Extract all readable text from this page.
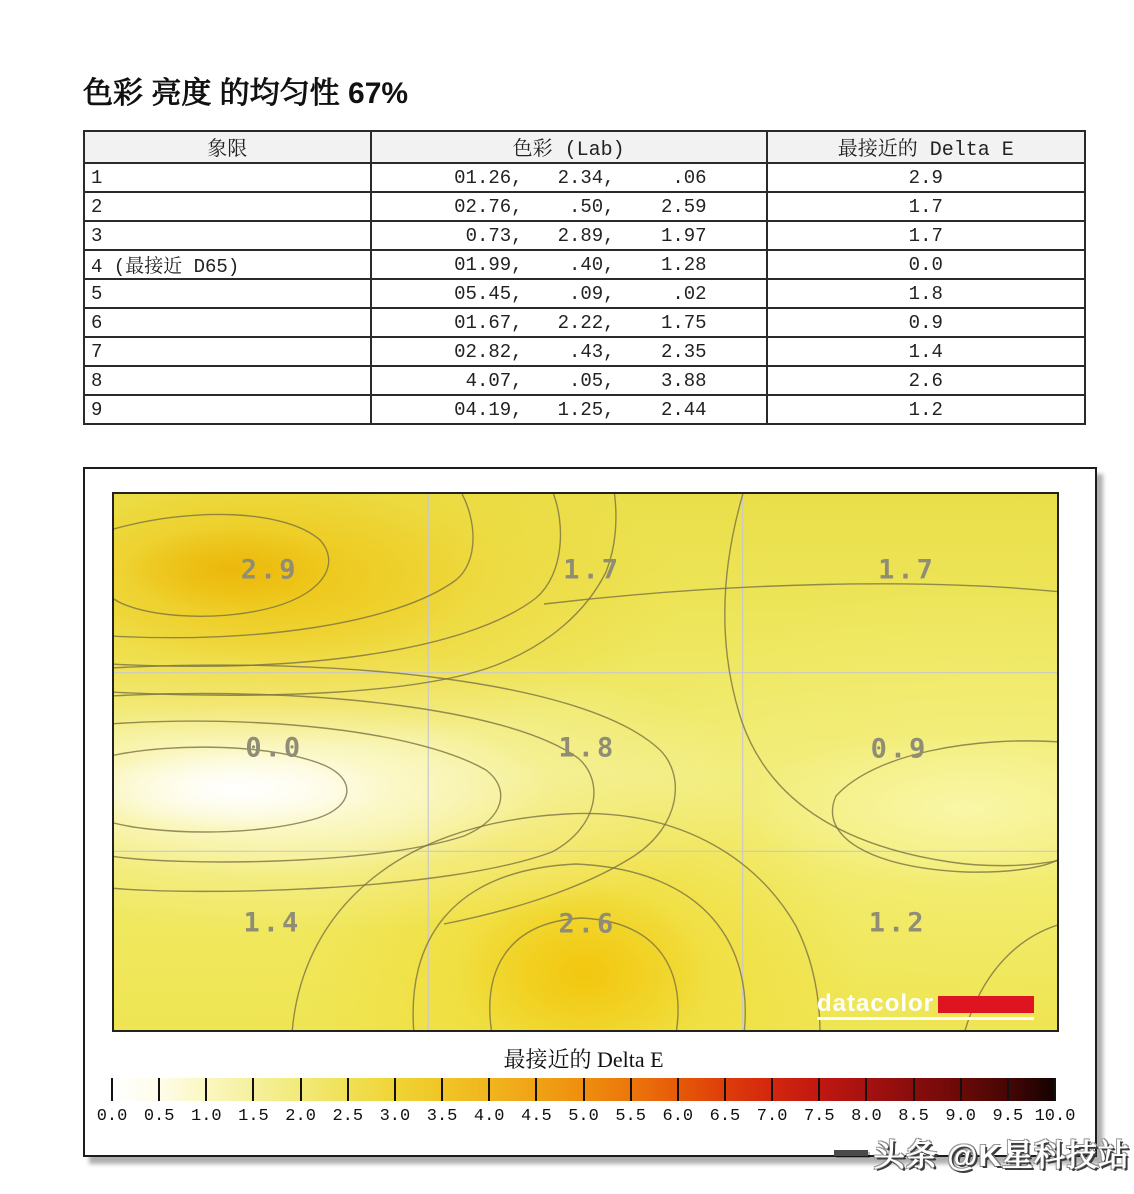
色彩 亮度 的均匀性 67%
象限	色彩 (Lab)	最接近的 Delta E
1	01.26, 2.34, .06	2.9
2	02.76, .50, 2.59	1.7
3	0.73, 2.89, 1.97	1.7
4 (最接近 D65)	01.99, .40, 1.28	0.0
5	05.45, .09, .02	1.8
6	01.67, 2.22, 1.75	0.9
7	02.82, .43, 2.35	1.4
8	4.07, .05, 3.88	2.6
9	04.19, 1.25, 2.44	1.2
2.9	1.7	1.7
0.0	1.8	0.9
1.4	2.6	1.2
datacolor
最接近的 Delta E
0.0 0.5 1.0 1.5 2.0 2.5 3.0 3.5 4.0 4.5 5.0 5.5 6.0 6.5 7.0 7.5 8.0 8.5 9.0 9.5 10.0
头条 @K星科技站
